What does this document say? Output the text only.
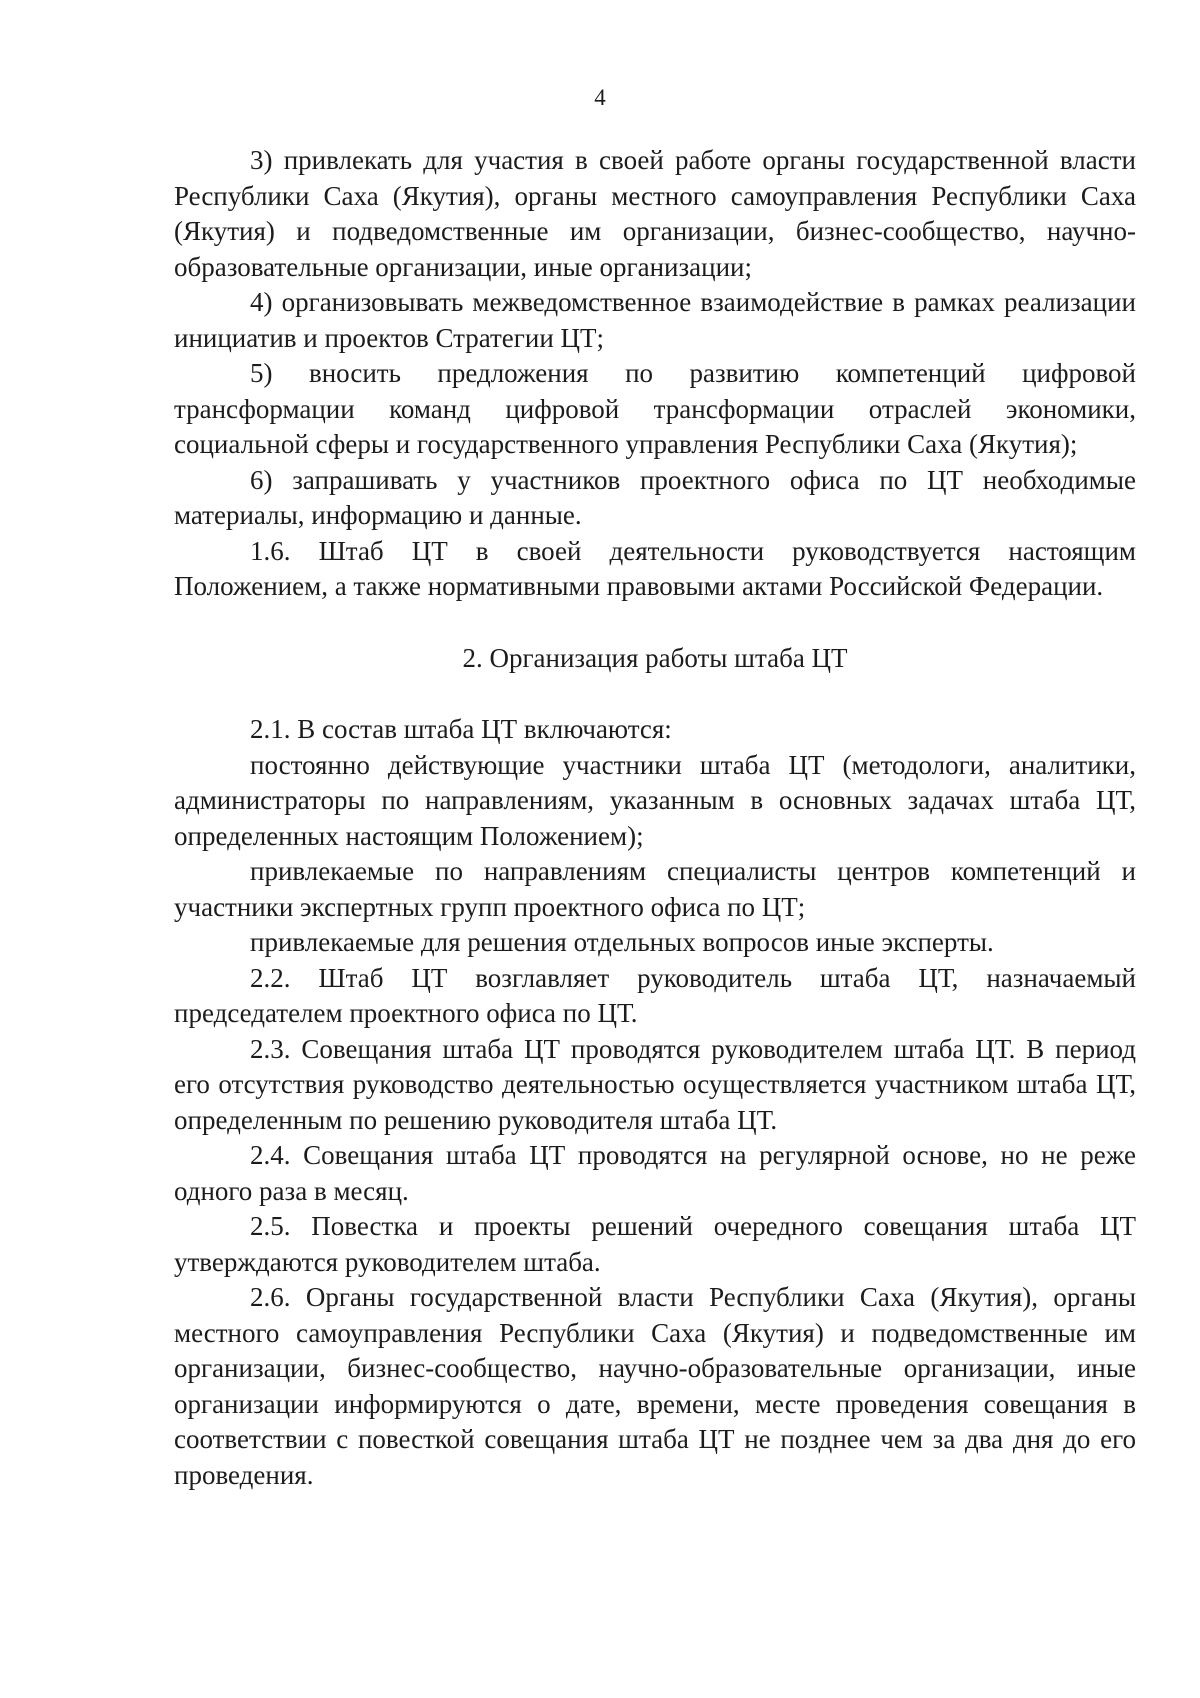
4

3) привлекать для участия в своей работе органы государственной власти Республики Саха (Якутия), органы местного самоуправления Республики Саха (Якутия) и подведомственные им организации, бизнес-сообщество, научно-образовательные организации, иные организации;

4) организовывать межведомственное взаимодействие в рамках реализации инициатив и проектов Стратегии ЦТ;

5) вносить предложения по развитию компетенций цифровой трансформации команд цифровой трансформации отраслей экономики, социальной сферы и государственного управления Республики Саха (Якутия);

6) запрашивать у участников проектного офиса по ЦТ необходимые материалы, информацию и данные.

1.6. Штаб ЦТ в своей деятельности руководствуется настоящим Положением, а также нормативными правовыми актами Российской Федерации.

2. Организация работы штаба ЦТ

2.1. В состав штаба ЦТ включаются:

постоянно действующие участники штаба ЦТ (методологи, аналитики, администраторы по направлениям, указанным в основных задачах штаба ЦТ, определенных настоящим Положением);

привлекаемые по направлениям специалисты центров компетенций и участники экспертных групп проектного офиса по ЦТ;

привлекаемые для решения отдельных вопросов иные эксперты.

2.2. Штаб ЦТ возглавляет руководитель штаба ЦТ, назначаемый председателем проектного офиса по ЦТ.

2.3. Совещания штаба ЦТ проводятся руководителем штаба ЦТ. В период его отсутствия руководство деятельностью осуществляется участником штаба ЦТ, определенным по решению руководителя штаба ЦТ.

2.4. Совещания штаба ЦТ проводятся на регулярной основе, но не реже одного раза в месяц.

2.5. Повестка и проекты решений очередного совещания штаба ЦТ утверждаются руководителем штаба.

2.6. Органы государственной власти Республики Саха (Якутия), органы местного самоуправления Республики Саха (Якутия) и подведомственные им организации, бизнес-сообщество, научно-образовательные организации, иные организации информируются о дате, времени, месте проведения совещания в соответствии с повесткой совещания штаба ЦТ не позднее чем за два дня до его проведения.
